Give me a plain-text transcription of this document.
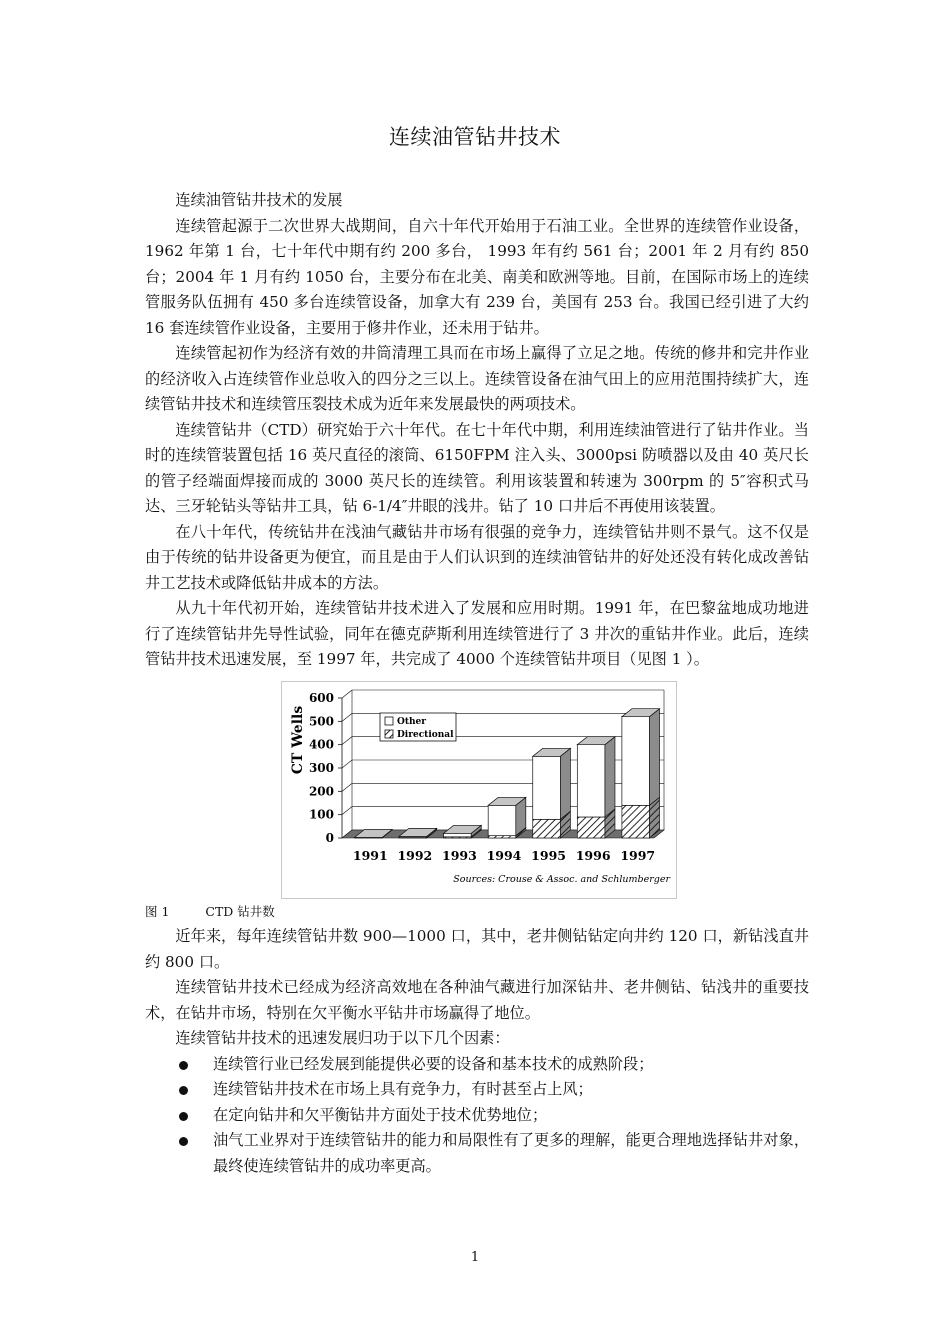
连续油管钻井技术

连续油管钻井技术的发展

连续管起源于二次世界大战期间，自六十年代开始用于石油工业。全世界的连续管作业设备，1962 年第 1 台，七十年代中期有约 200 多台， 1993 年有约 561 台；2001 年 2 月有约 850 台；2004 年 1 月有约 1050 台，主要分布在北美、南美和欧洲等地。目前，在国际市场上的连续管服务队伍拥有 450 多台连续管设备，加拿大有 239 台，美国有 253 台。我国已经引进了大约 16 套连续管作业设备，主要用于修井作业，还未用于钻井。

连续管起初作为经济有效的井筒清理工具而在市场上赢得了立足之地。传统的修井和完井作业的经济收入占连续管作业总收入的四分之三以上。连续管设备在油气田上的应用范围持续扩大，连续管钻井技术和连续管压裂技术成为近年来发展最快的两项技术。

连续管钻井（CTD）研究始于六十年代。在七十年代中期，利用连续油管进行了钻井作业。当时的连续管装置包括 16 英尺直径的滚筒、6150FPM 注入头、3000psi 防喷器以及由 40 英尺长的管子经端面焊接而成的 3000 英尺长的连续管。利用该装置和转速为 300rpm 的 5″容积式马达、三牙轮钻头等钻井工具，钻 6-1/4″井眼的浅井。钻了 10 口井后不再使用该装置。

在八十年代，传统钻井在浅油气藏钻井市场有很强的竞争力，连续管钻井则不景气。这不仅是由于传统的钻井设备更为便宜，而且是由于人们认识到的连续油管钻井的好处还没有转化成改善钻井工艺技术或降低钻井成本的方法。

从九十年代初开始，连续管钻井技术进入了发展和应用时期。1991 年，在巴黎盆地成功地进行了连续管钻井先导性试验，同年在德克萨斯利用连续管进行了 3 井次的重钻井作业。此后，连续管钻井技术迅速发展，至 1997 年，共完成了 4000 个连续管钻井项目（见图 1 ）。

0
100
200
300
400
500
600
1991 1992 1993 1994 1995 1996 1997
CT Wells	Other
Directional
Sources: Crouse & Assoc. and Schlumberger

图 1	CTD 钻井数

近年来，每年连续管钻井数 900—1000 口，其中，老井侧钻钻定向井约 120 口，新钻浅直井约 800 口。

连续管钻井技术已经成为经济高效地在各种油气藏进行加深钻井、老井侧钻、钻浅井的重要技术，在钻井市场，特别在欠平衡水平钻井市场赢得了地位。

连续管钻井技术的迅速发展归功于以下几个因素：

连续管行业已经发展到能提供必要的设备和基本技术的成熟阶段；
连续管钻井技术在市场上具有竞争力，有时甚至占上风；
在定向钻井和欠平衡钻井方面处于技术优势地位；
油气工业界对于连续管钻井的能力和局限性有了更多的理解，能更合理地选择钻井对象，最终使连续管钻井的成功率更高。
1
